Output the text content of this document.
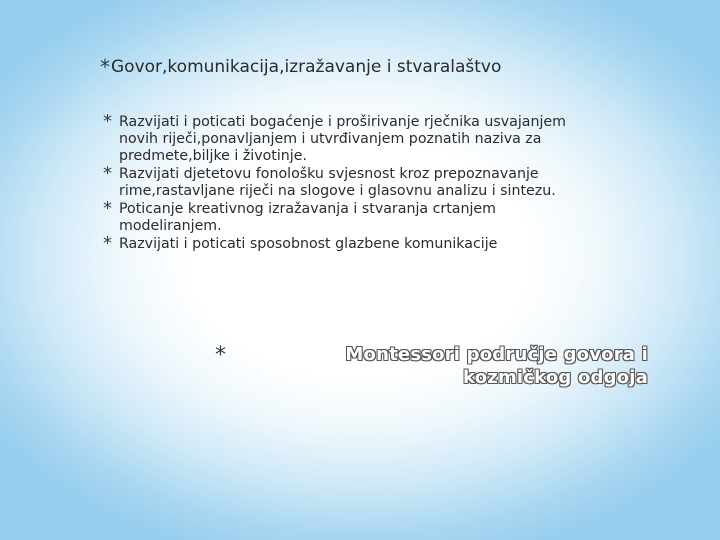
*Govor,komunikacija,izražavanje i stvaralaštvo
* Razvijati i poticati bogaćenje i proširivanje rječnika usvajanjem novih riječi,ponavljanjem i utvrđivanjem poznatih naziva za predmete,biljke i životinje.
* Razvijati djetetovu fonološku svjesnost kroz prepoznavanje rime,rastavljane riječi na slogove i glasovnu analizu i sintezu.
* Poticanje kreativnog izražavanja i stvaranja crtanjem modeliranjem.
* Razvijati i poticati sposobnost glazbene komunikacije
*	Montessori područje govora i kozmičkog odgoja
